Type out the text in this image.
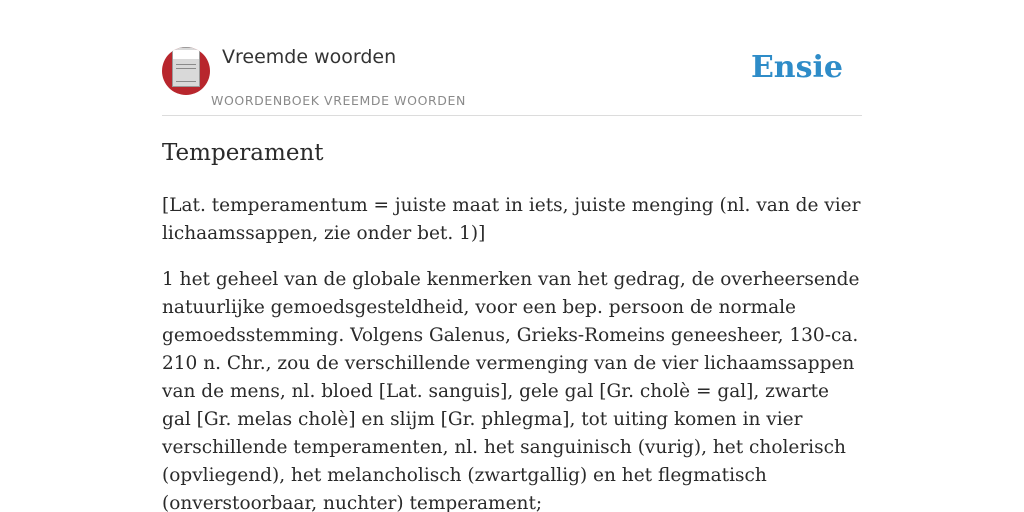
Vreemde woorden
WOORDENBOEK VREEMDE WOORDEN
Ensie
Temperament

[Lat. temperamentum = juiste maat in iets, juiste menging (nl. van de vier lichaamssappen, zie onder bet. 1)]

1 het geheel van de globale kenmerken van het gedrag, de overheersende natuurlijke gemoedsgesteldheid, voor een bep. persoon de normale gemoedsstemming. Volgens Galenus, Grieks-Romeins geneesheer, 130-ca. 210 n. Chr., zou de verschillende vermenging van de vier lichaamssappen van de mens, nl. bloed [Lat. sanguis], gele gal [Gr. cholè = gal], zwarte gal [Gr. melas cholè] en slijm [Gr. phlegma], tot uiting komen in vier verschillende temperamenten, nl. het sanguinisch (vurig), het cholerisch (opvliegend), het melancholisch (zwartgallig) en het flegmatisch (onverstoorbaar, nuchter) temperament;
